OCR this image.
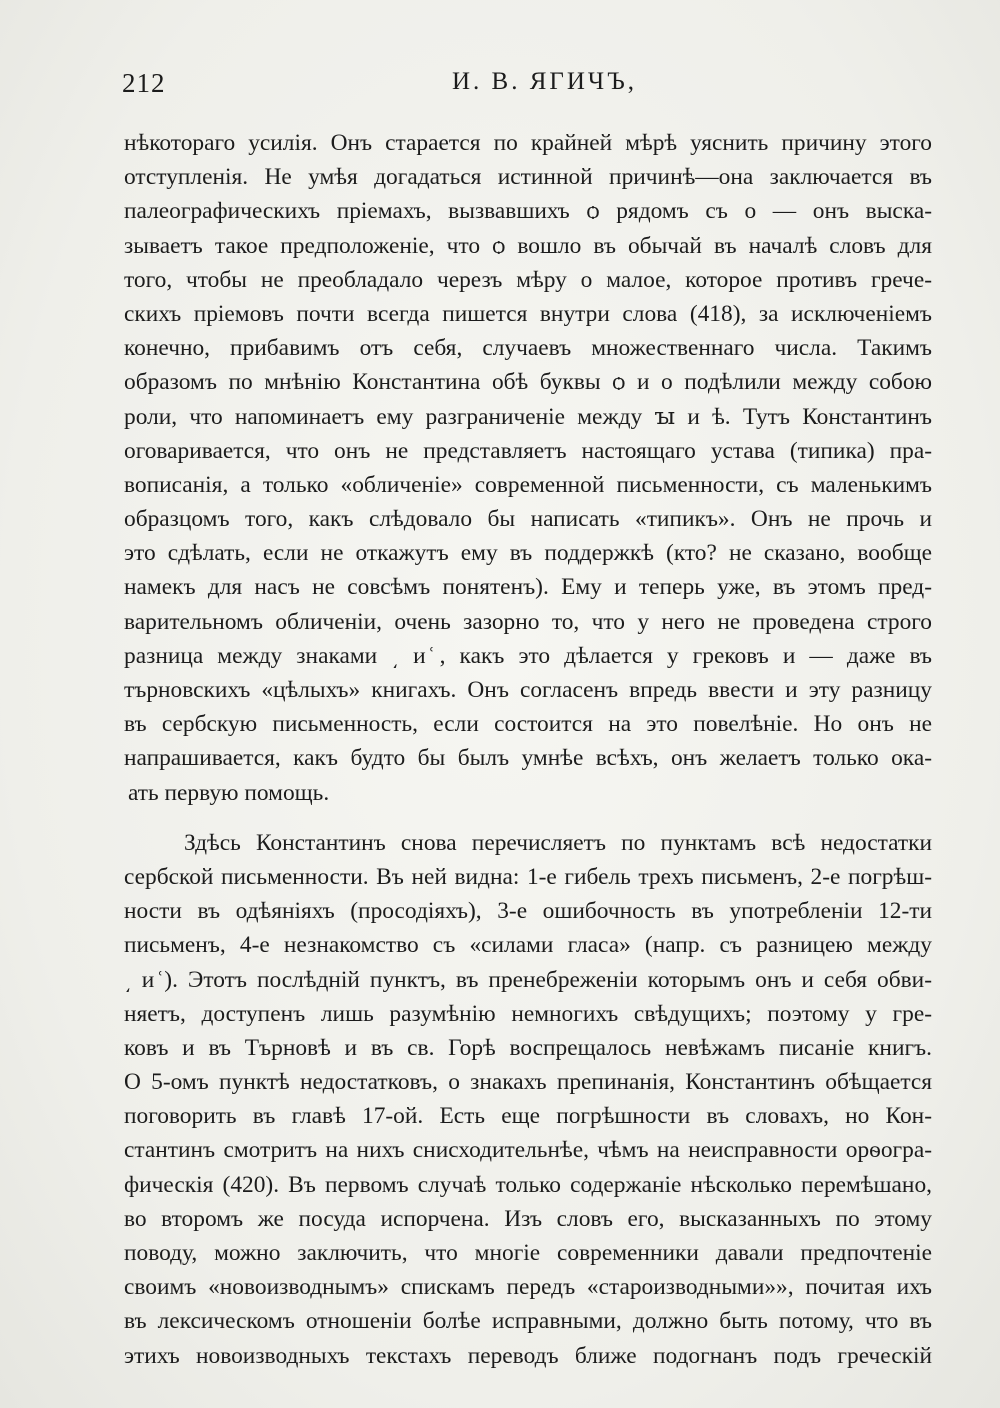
212	И. В. ЯГИЧЪ,
нѣкотораго усилія. Онъ старается по крайней мѣрѣ уяснить причину этого
отступленія. Не умѣя догадаться истинной причинѣ—она заключается въ
палеографическихъ пріемахъ, вызвавшихъ ѻ рядомъ съ о — онъ выска-
зываетъ такое предположеніе, что ѻ вошло въ обычай въ началѣ словъ для
того, чтобы не преобладало черезъ мѣру о малое, которое противъ грече-
скихъ пріемовъ почти всегда пишется внутри слова (418), за исключеніемъ
конечно, прибавимъ отъ себя, случаевъ множественнаго числа. Такимъ
образомъ по мнѣнію Константина обѣ буквы ѻ и о подѣлили между собою
роли, что напоминаетъ ему разграниченіе между ꙑ и ѣ. Тутъ Константинъ
оговаривается, что онъ не представляетъ настоящаго устава (типика) пра-
вописанія, а только «обличеніе» современной письменности, съ маленькимъ
образцомъ того, какъ слѣдовало бы написать «типикъ». Онъ не прочь и
это сдѣлать, если не откажутъ ему въ поддержкѣ (кто? не сказано, вообще
намекъ для насъ не совсѣмъ понятенъ). Ему и теперь уже, въ этомъ пред-
варительномъ обличеніи, очень зазорно то, что у него не проведена строго
разница между знаками ͵ и ͑, какъ это дѣлается у грековъ и — даже въ
търновскихъ «цѣлыхъ» книгахъ. Онъ согласенъ впредь ввести и эту разницу
въ сербскую письменность, если состоится на это повелѣніе. Но онъ не
напрашивается, какъ будто бы былъ умнѣе всѣхъ, онъ желаетъ только ока-
ать первую помощь.
Здѣсь Константинъ снова перечисляетъ по пунктамъ всѣ недостатки
сербской письменности. Въ ней видна: 1-е гибель трехъ письменъ, 2-е погрѣш-
ности въ одѣяніяхъ (просодіяхъ), 3-е ошибочность въ употребленіи 12-ти
письменъ, 4-е незнакомство съ «силами гласа» (напр. съ разницею между
͵ и ͑). Этотъ послѣдній пунктъ, въ пренебреженіи которымъ онъ и себя обви-
няетъ, доступенъ лишь разумѣнію немногихъ свѣдущихъ; поэтому у гре-
ковъ и въ Търновѣ и въ св. Горѣ воспрещалось невѣжамъ писаніе книгъ.
О 5-омъ пунктѣ недостатковъ, о знакахъ препинанія, Константинъ обѣщается
поговорить въ главѣ 17-ой. Есть еще погрѣшности въ словахъ, но Кон-
стантинъ смотритъ на нихъ снисходительнѣе, чѣмъ на неисправности орѳогра-
фическія (420). Въ первомъ случаѣ только содержаніе нѣсколько перемѣшано,
во второмъ же посуда испорчена. Изъ словъ его, высказанныхъ по этому
поводу, можно заключить, что многіе современники давали предпочтеніе
своимъ «новоизводнымъ» спискамъ передъ «староизводными»», почитая ихъ
въ лексическомъ отношеніи болѣе исправными, должно быть потому, что въ
этихъ новоизводныхъ текстахъ переводъ ближе подогнанъ подъ греческій
